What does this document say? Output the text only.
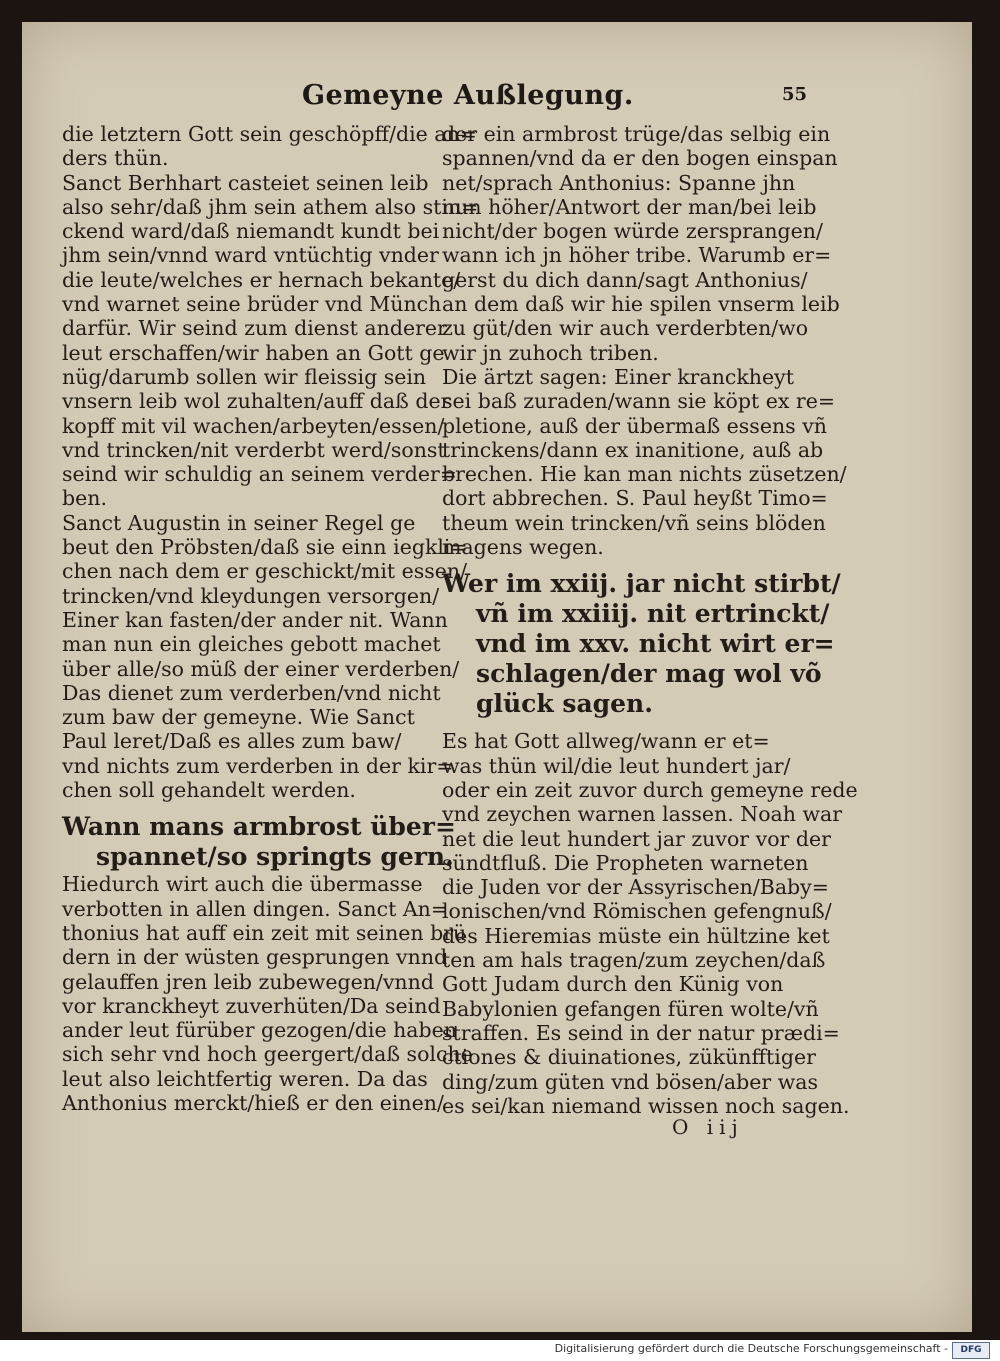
Gemeyne Außlegung.	55
die letztern Gott sein geschöpff/die an=
ders thün.
Sanct Berhhart casteiet seinen leib
also sehr/daß jhm sein athem also stin=
ckend ward/daß niemandt kundt bei
jhm sein/vnnd ward vntüchtig vnder
die leute/welches er hernach bekante/
vnd warnet seine brüder vnd Münch
darfür. Wir seind zum dienst anderer
leut erschaffen/wir haben an Gott ge
nüg/darumb sollen wir fleissig sein
vnsern leib wol zuhalten/auff daß der
kopff mit vil wachen/arbeyten/essen/
vnd trincken/nit verderbt werd/sonst
seind wir schuldig an seinem verder=
ben.
Sanct Augustin in seiner Regel ge
beut den Pröbsten/daß sie einn iegkli=
chen nach dem er geschickt/mit essen/
trincken/vnd kleydungen versorgen/
Einer kan fasten/der ander nit. Wann
man nun ein gleiches gebott machet
über alle/so müß der einer verderben/
Das dienet zum verderben/vnd nicht
zum baw der gemeyne. Wie Sanct
Paul leret/Daß es alles zum baw/
vnd nichts zum verderben in der kir=
chen soll gehandelt werden.
Wann mans armbrost über=
spannet/so springts gern.
Hiedurch wirt auch die übermasse
verbotten in allen dingen. Sanct An=
thonius hat auff ein zeit mit seinen brü
dern in der wüsten gesprungen vnnd
gelauffen jren leib zubewegen/vnnd
vor kranckheyt zuverhüten/Da seind
ander leut fürüber gezogen/die haben
sich sehr vnd hoch geergert/daß solche
leut also leichtfertig weren. Da das
Anthonius merckt/hieß er den einen/
der ein armbrost trüge/das selbig ein
spannen/vnd da er den bogen einspan
net/sprach Anthonius: Spanne jhn
nun höher/Antwort der man/bei leib
nicht/der bogen würde zersprangen/
wann ich jn höher tribe. Warumb er=
gerst du dich dann/sagt Anthonius/
an dem daß wir hie spilen vnserm leib
zu güt/den wir auch verderbten/wo
wir jn zuhoch triben.
Die ärtzt sagen: Einer kranckheyt
sei baß zuraden/wann sie köpt ex re=
pletione, auß der übermaß essens vñ
trinckens/dann ex inanitione, auß ab
brechen. Hie kan man nichts züsetzen/
dort abbrechen. S. Paul heyßt Timo=
theum wein trincken/vñ seins blöden
magens wegen.
Wer im xxiij. jar nicht stirbt/
vñ im xxiiij. nit ertrinckt/
vnd im xxv. nicht wirt er=
schlagen/der mag wol võ
glück sagen.
Es hat Gott allweg/wann er et=
was thün wil/die leut hundert jar/
oder ein zeit zuvor durch gemeyne rede
vnd zeychen warnen lassen. Noah war
net die leut hundert jar zuvor vor der
sündtfluß. Die Propheten warneten
die Juden vor der Assyrischen/Baby=
lonischen/vnd Römischen gefengnuß/
des Hieremias müste ein hültzine ket
ten am hals tragen/zum zeychen/daß
Gott Judam durch den Künig von
Babylonien gefangen füren wolte/vñ
straffen. Es seind in der natur prædi=
ctiones & diuinationes, zükünfftiger
ding/zum güten vnd bösen/aber was
es sei/kan niemand wissen noch sagen.
O iij
Digitalisierung gefördert durch die Deutsche Forschungsgemeinschaft -	DFG
